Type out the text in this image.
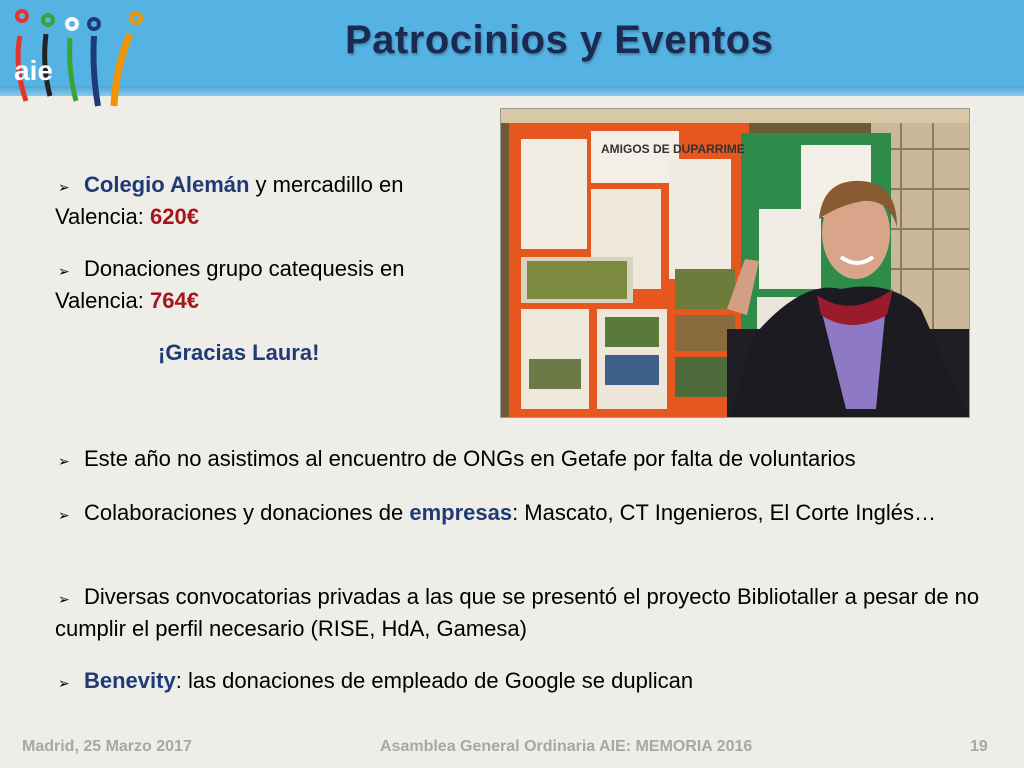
aie
Patrocinios y Eventos
AMIGOS DE DUPARRIME
➢ Colegio Alemán y mercadillo en Valencia: 620€
➢ Donaciones grupo catequesis en Valencia: 764€
¡Gracias Laura!
➢ Este año no asistimos al encuentro de ONGs en Getafe por falta de voluntarios
➢ Colaboraciones y donaciones de empresas: Mascato, CT Ingenieros, El Corte Inglés…
➢ Diversas convocatorias privadas a las que se presentó el proyecto Bibliotaller a pesar de no cumplir el perfil necesario (RISE, HdA, Gamesa)
➢ Benevity: las donaciones de empleado de Google se duplican
Madrid, 25 Marzo 2017	Asamblea General Ordinaria AIE: MEMORIA 2016	19
